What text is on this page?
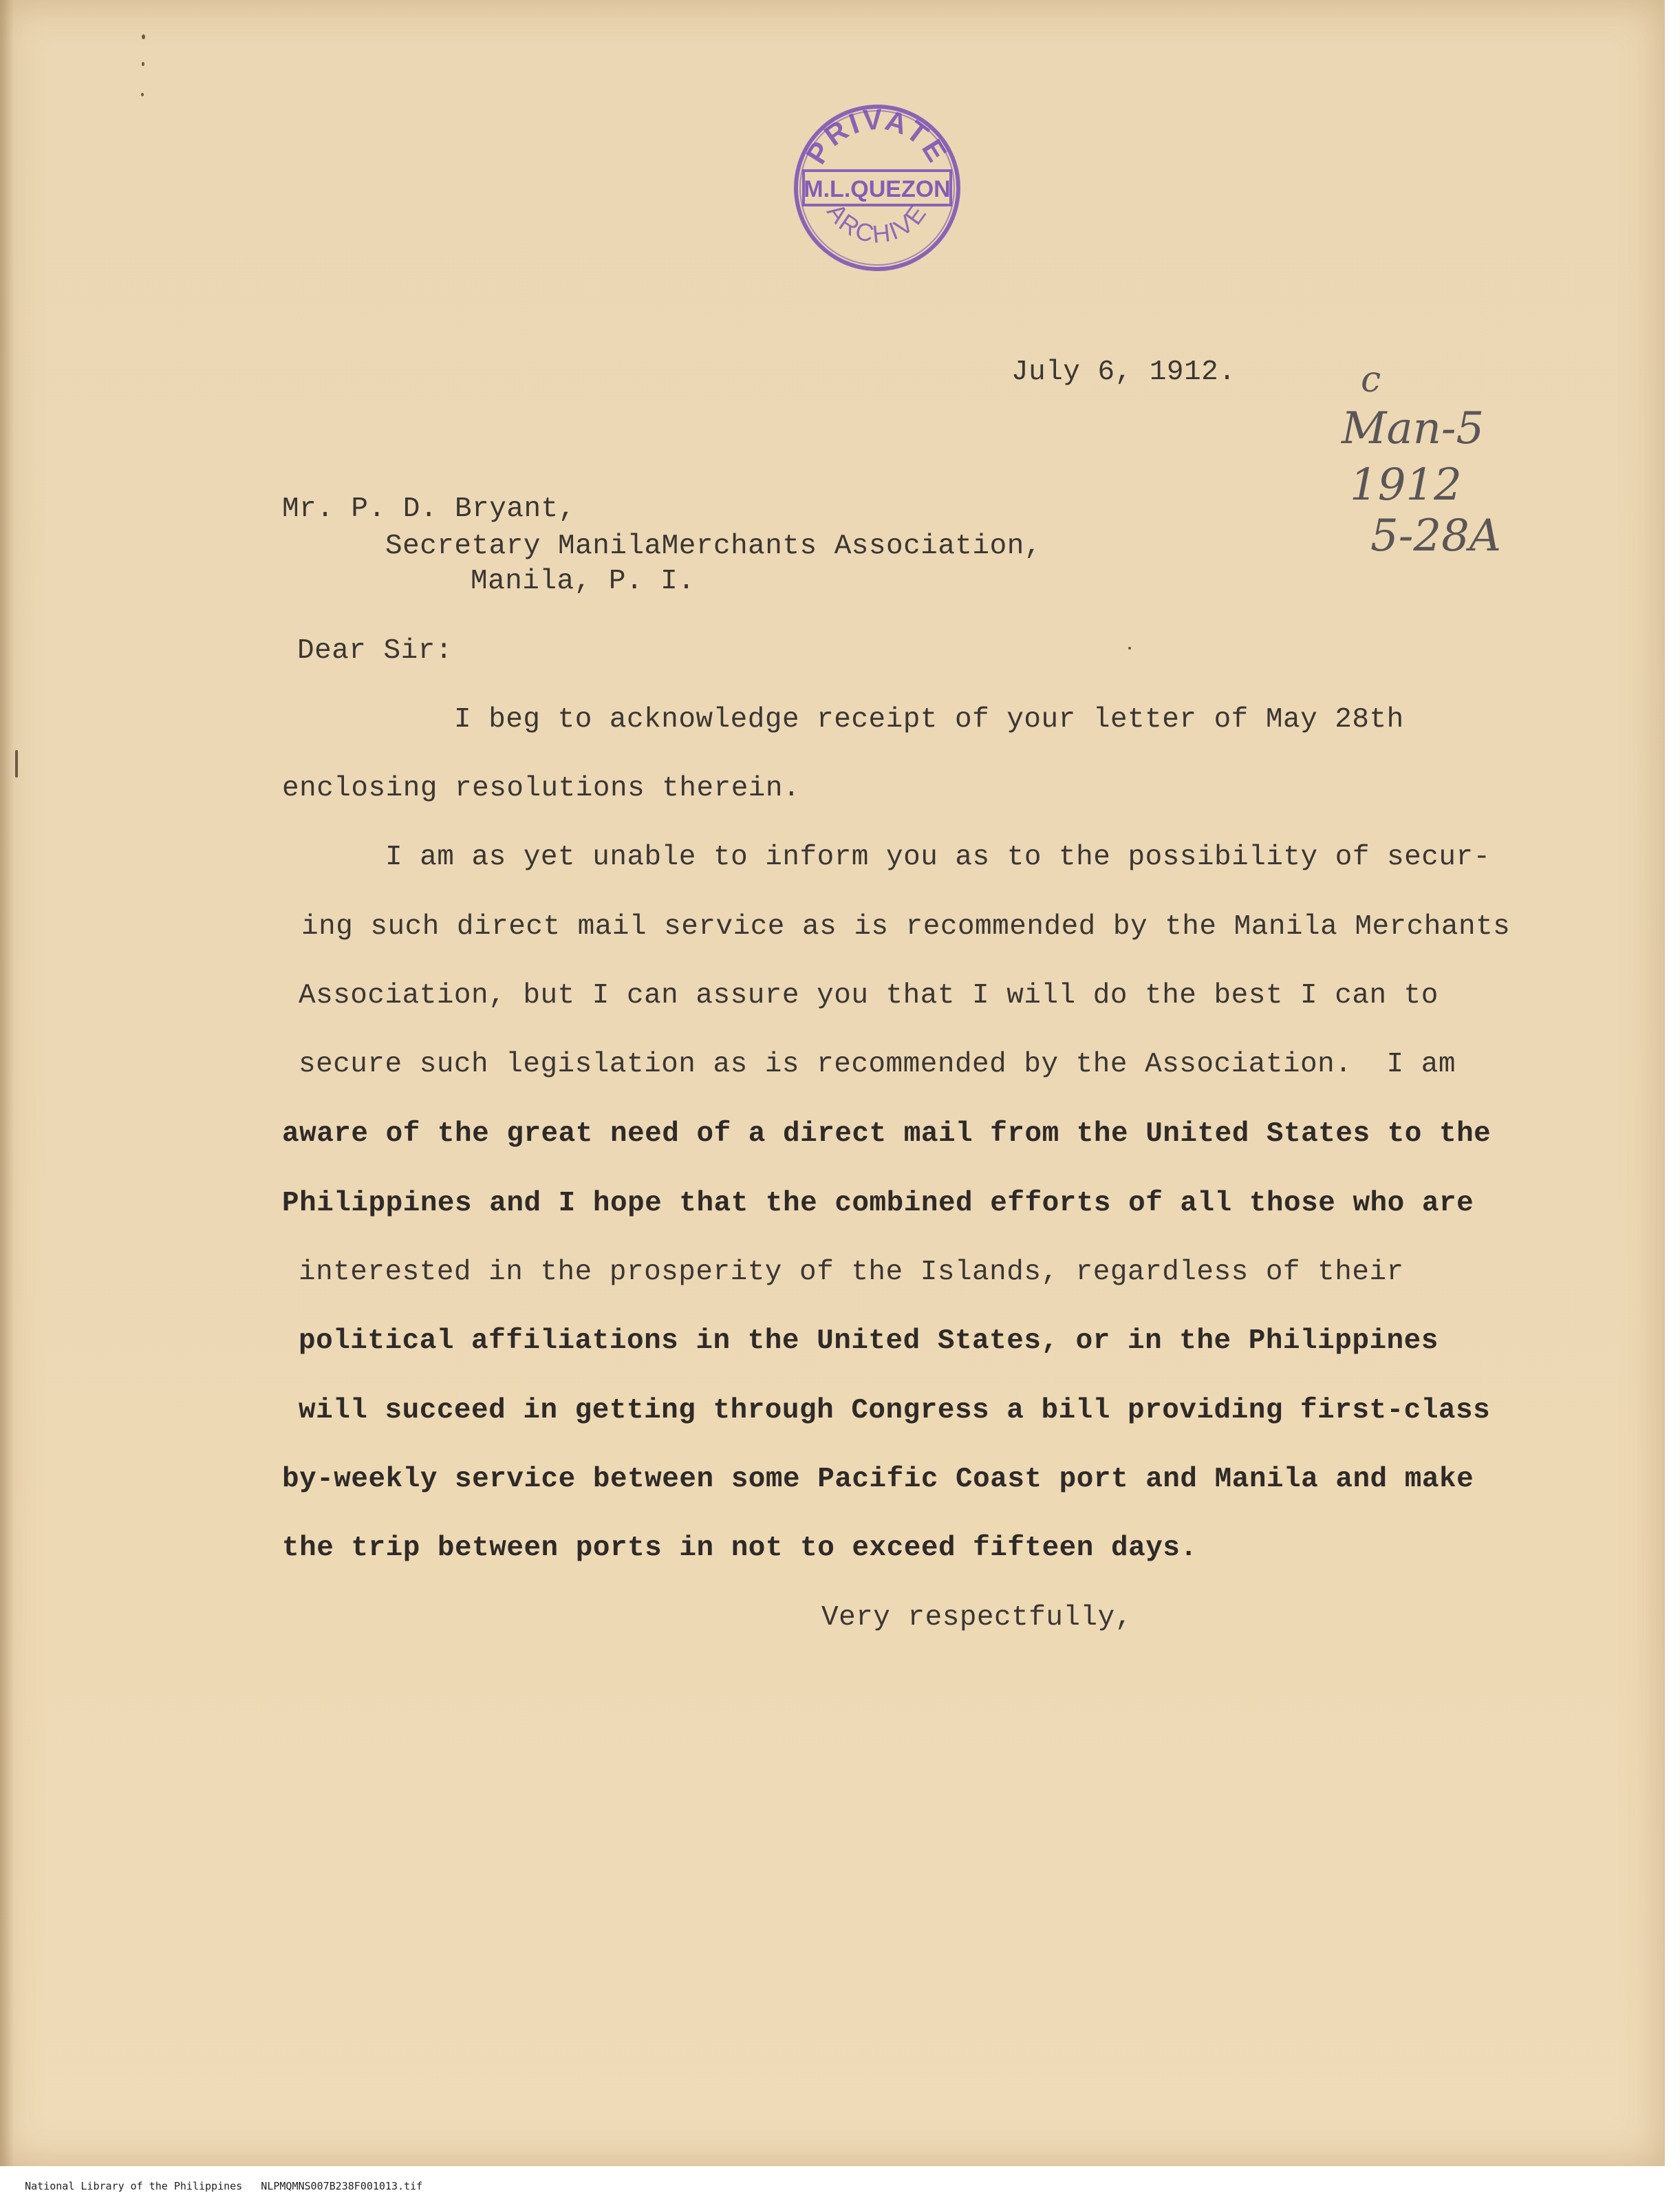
PRIVATE
M.L.QUEZON
ARCHIVE
July 6, 1912.	c
Man-5
1912
5-28A
Mr. P. D. Bryant,
Secretary ManilaMerchants Association,
Manila, P. I.
Dear Sir:
I beg to acknowledge receipt of your letter of May 28th
enclosing resolutions therein.
I am as yet unable to inform you as to the possibility of secur-
ing such direct mail service as is recommended by the Manila Merchants
Association, but I can assure you that I will do the best I can to
secure such legislation as is recommended by the Association.  I am
aware of the great need of a direct mail from the United States to the
Philippines and I hope that the combined efforts of all those who are
interested in the prosperity of the Islands, regardless of their
political affiliations in the United States, or in the Philippines
will succeed in getting through Congress a bill providing first-class
by-weekly service between some Pacific Coast port and Manila and make
the trip between ports in not to exceed fifteen days.
Very respectfully,

National Library of the Philippines NLPMQMNS007B238F001013.tif
